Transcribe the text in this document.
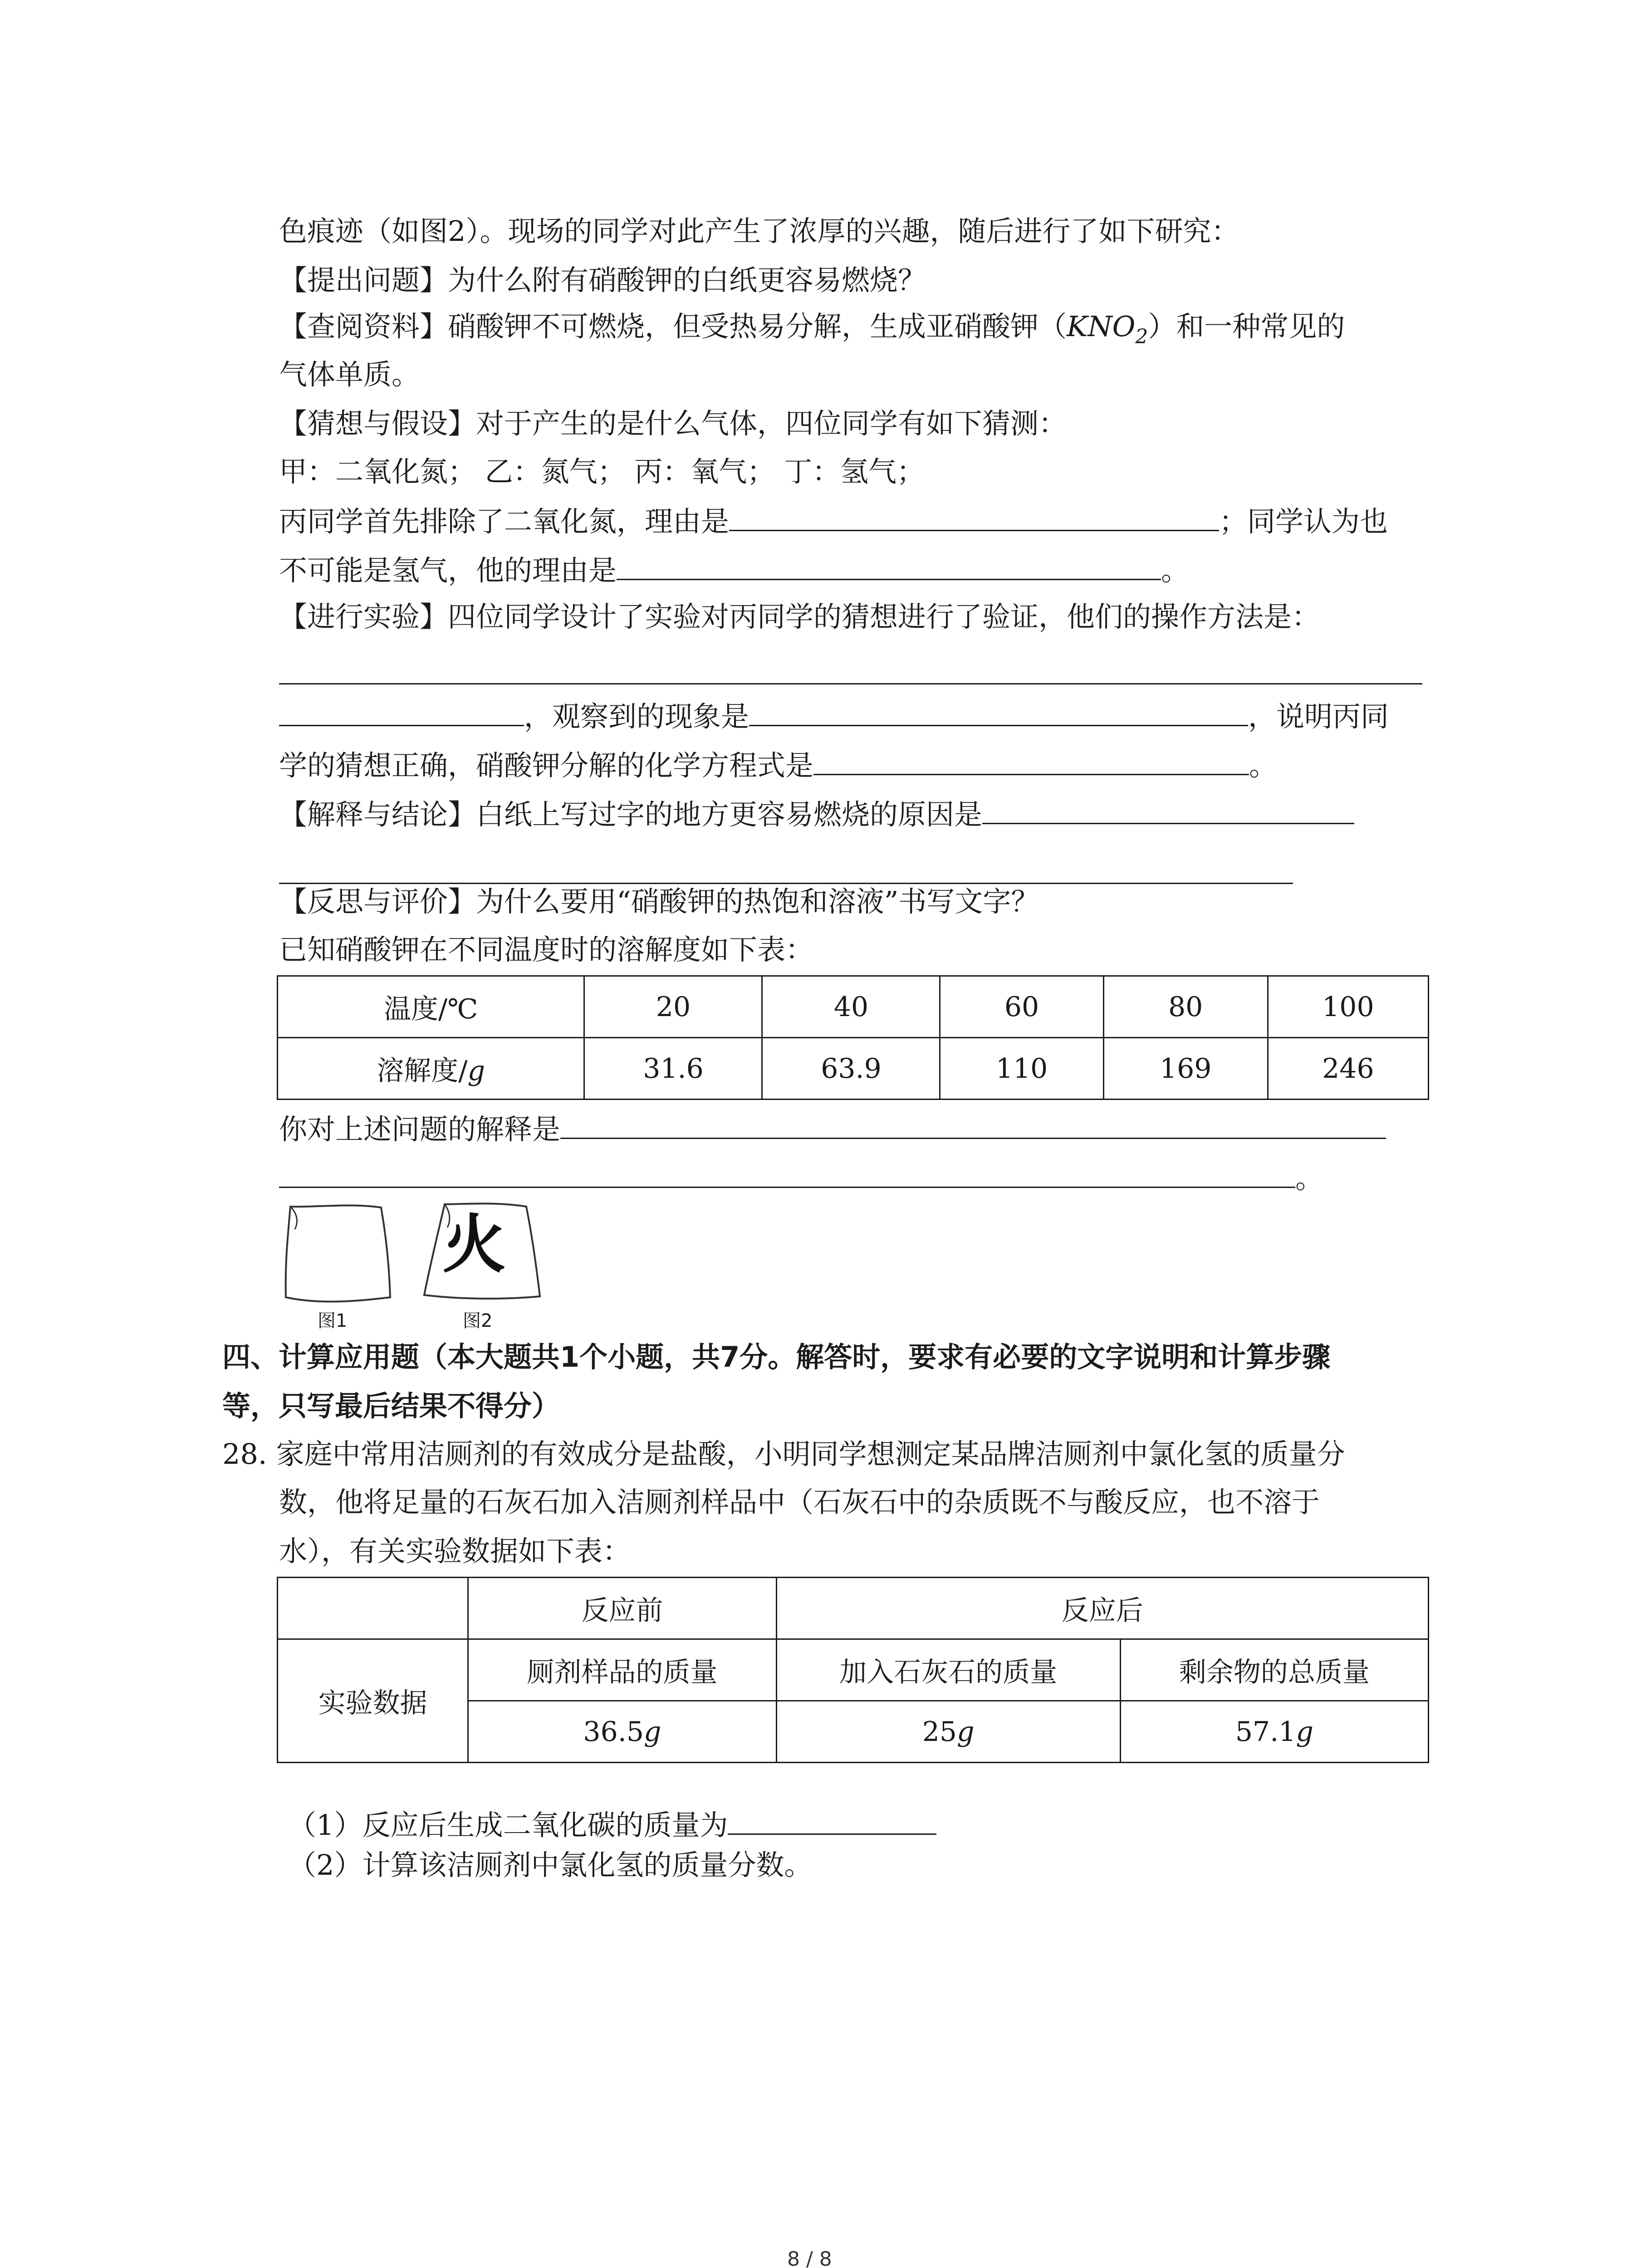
色痕迹（如图2）。现场的同学对此产生了浓厚的兴趣，随后进行了如下研究：
【提出问题】为什么附有硝酸钾的白纸更容易燃烧？
【查阅资料】硝酸钾不可燃烧，但受热易分解，生成亚硝酸钾$(KNO_2)$和一种常见的
气体单质。
【猜想与假设】对于产生的是什么气体，四位同学有如下猜测：
甲：二氧化氮； 乙：氮气； 丙：氧气； 丁：氢气；
丙同学首先排除了二氧化氮，理由是	；同学认为也
不可能是氢气，他的理由是	。
【进行实验】四位同学设计了实验对丙同学的猜想进行了验证，他们的操作方法是：
，观察到的现象是	，说明丙同
学的猜想正确，硝酸钾分解的化学方程式是	。
【解释与结论】白纸上写过字的地方更容易燃烧的原因是
【反思与评价】为什么要用“硝酸钾的热饱和溶液”书写文字？
已知硝酸钾在不同温度时的溶解度如下表：
温度/℃	20	40	60	80	100
溶解度/g	31.6	63.9	110	169	246
你对上述问题的解释是
。
图1
火
图2
四、计算应用题（本大题共1个小题，共7分。解答时，要求有必要的文字说明和计算步骤
等，只写最后结果不得分）
28. 家庭中常用洁厕剂的有效成分是盐酸，小明同学想测定某品牌洁厕剂中氯化氢的质量分
数，他将足量的石灰石加入洁厕剂样品中（石灰石中的杂质既不与酸反应，也不溶于
水），有关实验数据如下表：
	反应前	反应后	
实验数据	厕剂样品的质量	加入石灰石的质量	剩余物的总质量
	36.5g	25g	57.1g
（1）反应后生成二氧化碳的质量为
（2）计算该洁厕剂中氯化氢的质量分数。
8 / 8
